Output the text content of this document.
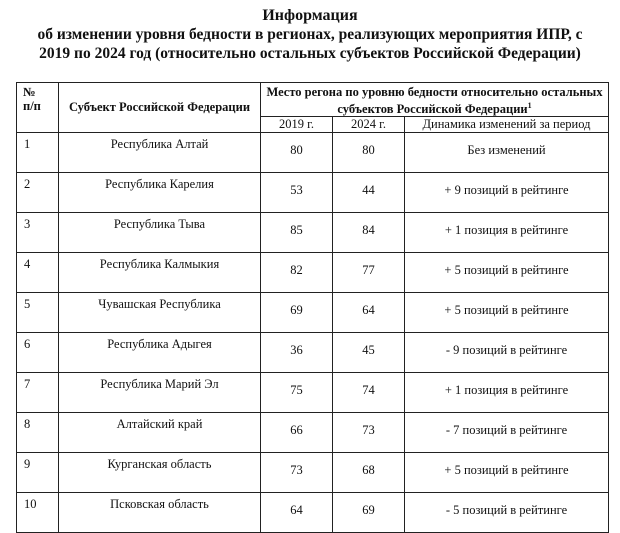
Информация
об изменении уровня бедности в регионах, реализующих мероприятия ИПР, с
2019 по 2024 год (относительно остальных субъектов Российской Федерации)
№
п/п	Субъект Российской Федерации	Место регона по уровню бедности относительно остальных субъектов Российской Федерации$^1$
		2019 г.	2024 г.	Динамика изменений за период
1	Республика Алтай	80	80	Без изменений
2	Республика Карелия	53	44	+ 9 позиций в рейтинге
3	Республика Тыва	85	84	+ 1 позиция в рейтинге
4	Республика Калмыкия	82	77	+ 5 позиций в рейтинге
5	Чувашская Республика	69	64	+ 5 позиций в рейтинге
6	Республика Адыгея	36	45	- 9 позиций в рейтинге
7	Республика Марий Эл	75	74	+ 1 позиция в рейтинге
8	Алтайский край	66	73	- 7 позиций в рейтинге
9	Курганская область	73	68	+ 5 позиций в рейтинге
10	Псковская область	64	69	- 5 позиций в рейтинге
